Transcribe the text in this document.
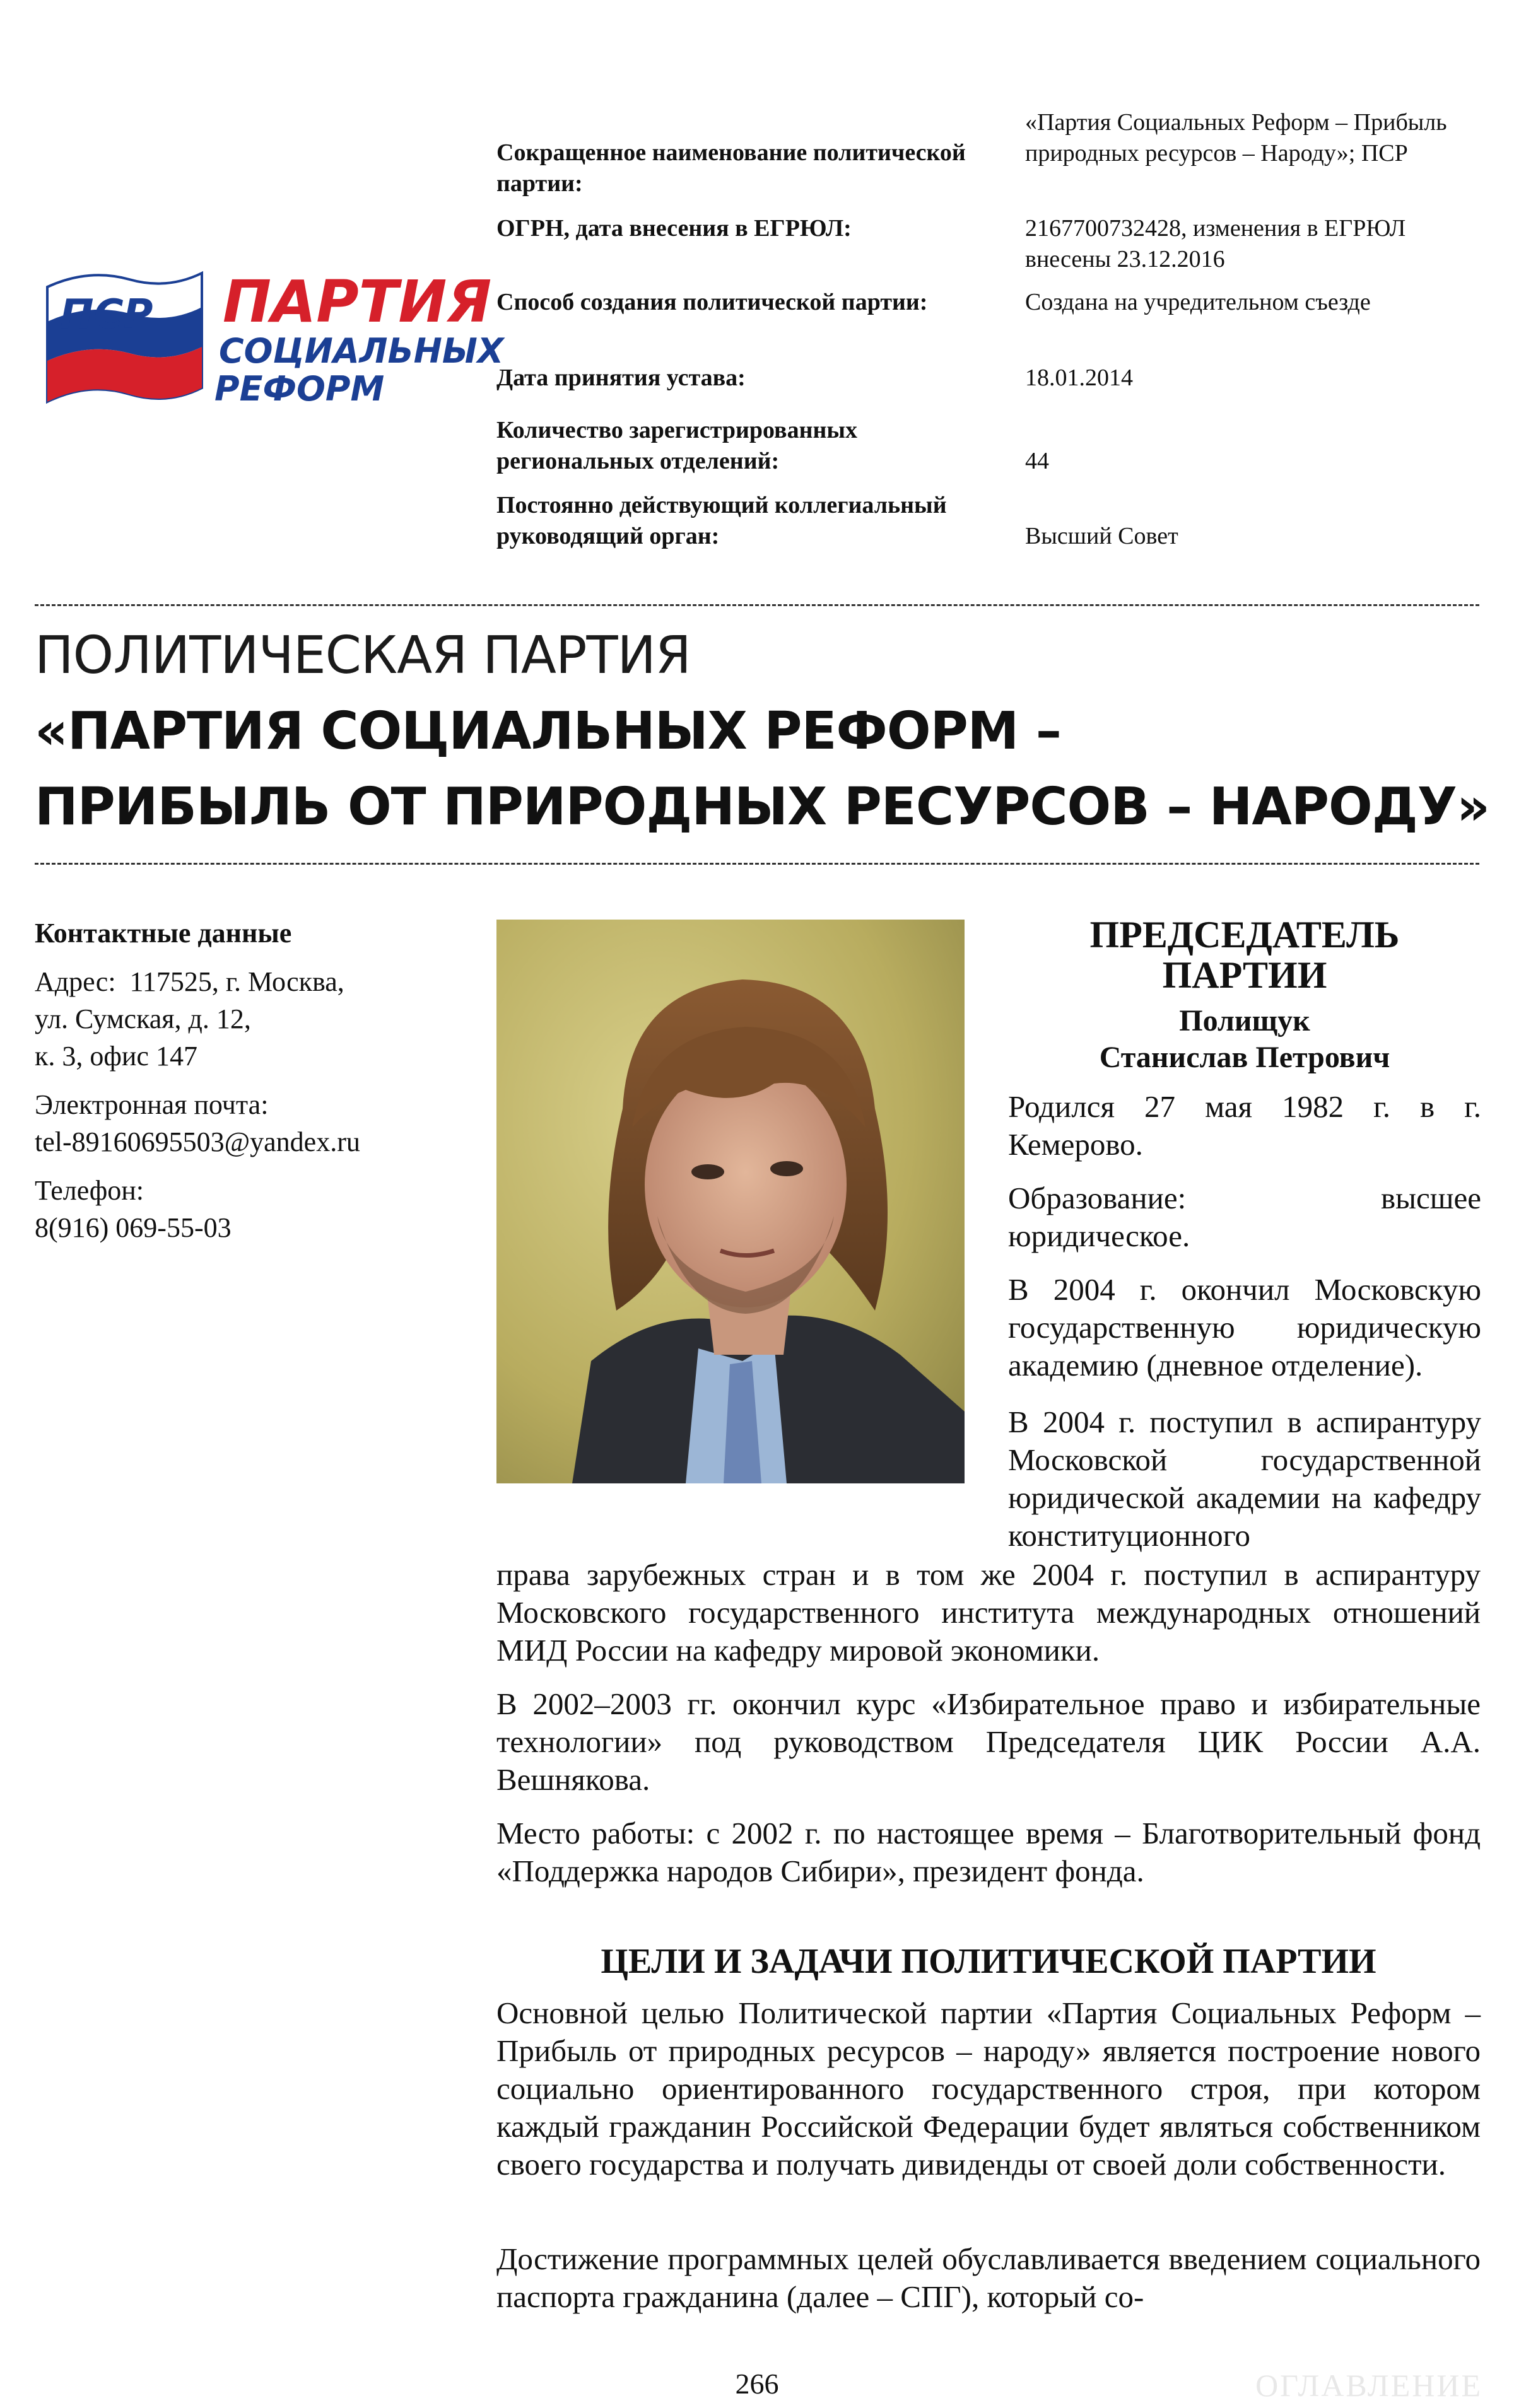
ПСР ПАРТИЯ
СОЦИАЛЬНЫХ
РЕФОРМ
Сокращенное наименование политической партии:
«Партия Социальных Реформ – Прибыль природных ресурсов – Народу»; ПСР
ОГРН, дата внесения в ЕГРЮЛ:	2167700732428, изменения в ЕГРЮЛ внесены 23.12.2016
Способ создания политической партии:	Создана на учредительном съезде
Дата принятия устава:	18.01.2014
Количество зарегистрированных региональных отделений:	44
Постоянно действующий коллегиальный руководящий орган:	Высший Совет
ПОЛИТИЧЕСКАЯ ПАРТИЯ
«ПАРТИЯ СОЦИАЛЬНЫХ РЕФОРМ –
ПРИБЫЛЬ ОТ ПРИРОДНЫХ РЕСУРСОВ – НАРОДУ»
Контактные данные
Адрес: 117525, г. Москва,
ул. Сумская, д. 12,
к. 3, офис 147
Электронная почта:
tel-89160695503@yandex.ru
Телефон:
8(916) 069-55-03
ПРЕДСЕДАТЕЛЬ ПАРТИИ
Полищук
Станислав Петрович

Родился 27 мая 1982 г. в г. Кемерово.

Образование: высшее юридическое.

В 2004 г. окончил Московскую государственную юридическую академию (дневное отделение).

В 2004 г. поступил в аспирантуру Московской государственной юридической академии на кафедру конституционного

права зарубежных стран и в том же 2004 г. поступил в аспирантуру Московского государственного института международных отношений МИД России на кафедру мировой экономики.

В 2002–2003 гг. окончил курс «Избирательное право и избирательные технологии» под руководством Председателя ЦИК России А.А. Вешнякова.

Место работы: с 2002 г. по настоящее время – Благотворительный фонд «Поддержка народов Сибири», президент фонда.

ЦЕЛИ И ЗАДАЧИ ПОЛИТИЧЕСКОЙ ПАРТИИ

Основной целью Политической партии «Партия Социальных Реформ – Прибыль от природных ресурсов – народу» является построение нового социально ориентированного государственного строя, при котором каждый гражданин Российской Федерации будет являться собственником своего государства и получать дивиденды от своей доли собственности.

Достижение программных целей обуславливается введением социального паспорта гражданина (далее – СПГ), который со-

266	ОГЛАВЛЕНИЕ
